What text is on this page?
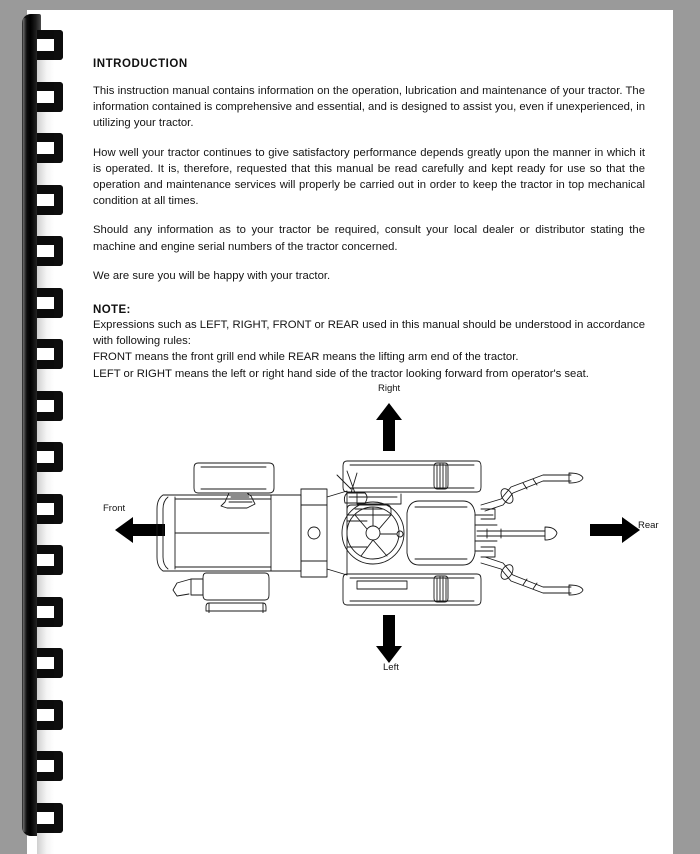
INTRODUCTION

This instruction manual contains information on the operation, lubrication and maintenance of your tractor. The information contained is comprehensive and essential, and is designed to assist you, even if unexperienced, in utilizing your tractor.

How well your tractor continues to give satisfactory performance depends greatly upon the manner in which it is operated. It is, therefore, requested that this manual be read carefully and kept ready for use so that the operation and maintenance services will properly be carried out in order to keep the tractor in top mechanical condition at all times.

Should any information as to your tractor be required, consult your local dealer or distributor stating the machine and engine serial numbers of the tractor concerned.

We are sure you will be happy with your tractor.

NOTE:

Expressions such as LEFT, RIGHT, FRONT or REAR used in this manual should be understood in accordance with following rules:

FRONT means the front grill end while REAR means the lifting arm end of the tractor.

LEFT or RIGHT means the left or right hand side of the tractor looking forward from operator's seat.

Right
Left
Front
Rear
